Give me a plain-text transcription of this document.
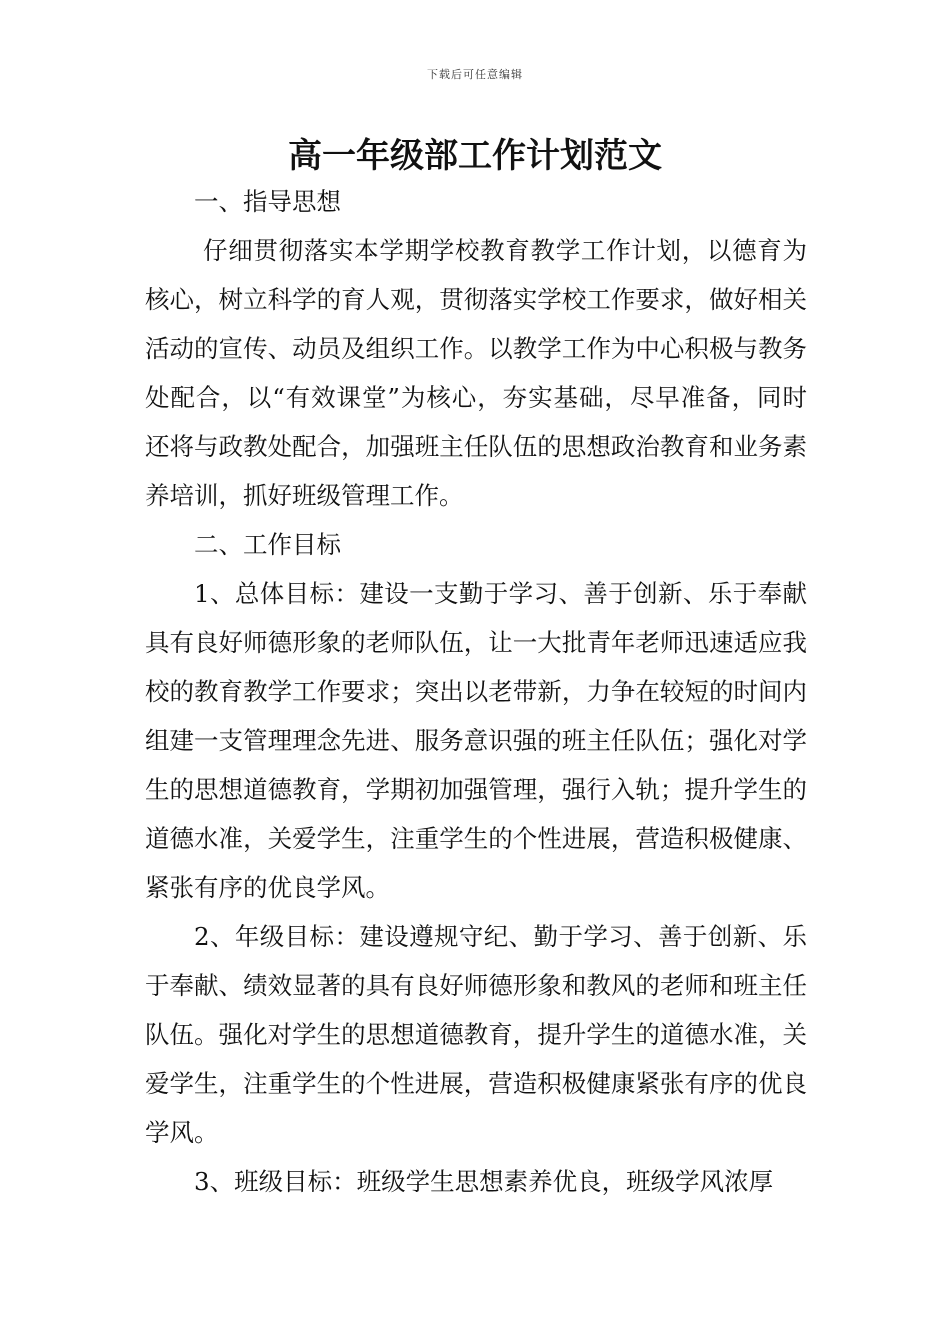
下载后可任意编辑
高一年级部工作计划范文

一、指导思想

仔细贯彻落实本学期学校教育教学工作计划，以德育为核心，树立科学的育人观，贯彻落实学校工作要求，做好相关活动的宣传、动员及组织工作。以教学工作为中心积极与教务处配合，以“有效课堂”为核心，夯实基础，尽早准备，同时还将与政教处配合，加强班主任队伍的思想政治教育和业务素养培训，抓好班级管理工作。

二、工作目标

1、总体目标：建设一支勤于学习、善于创新、乐于奉献具有良好师德形象的老师队伍，让一大批青年老师迅速适应我校的教育教学工作要求；突出以老带新，力争在较短的时间内组建一支管理理念先进、服务意识强的班主任队伍；强化对学生的思想道德教育，学期初加强管理，强行入轨；提升学生的道德水准，关爱学生，注重学生的个性进展，营造积极健康、紧张有序的优良学风。

2、年级目标：建设遵规守纪、勤于学习、善于创新、乐于奉献、绩效显著的具有良好师德形象和教风的老师和班主任队伍。强化对学生的思想道德教育，提升学生的道德水准，关爱学生，注重学生的个性进展，营造积极健康紧张有序的优良学风。

3、班级目标：班级学生思想素养优良，班级学风浓厚
